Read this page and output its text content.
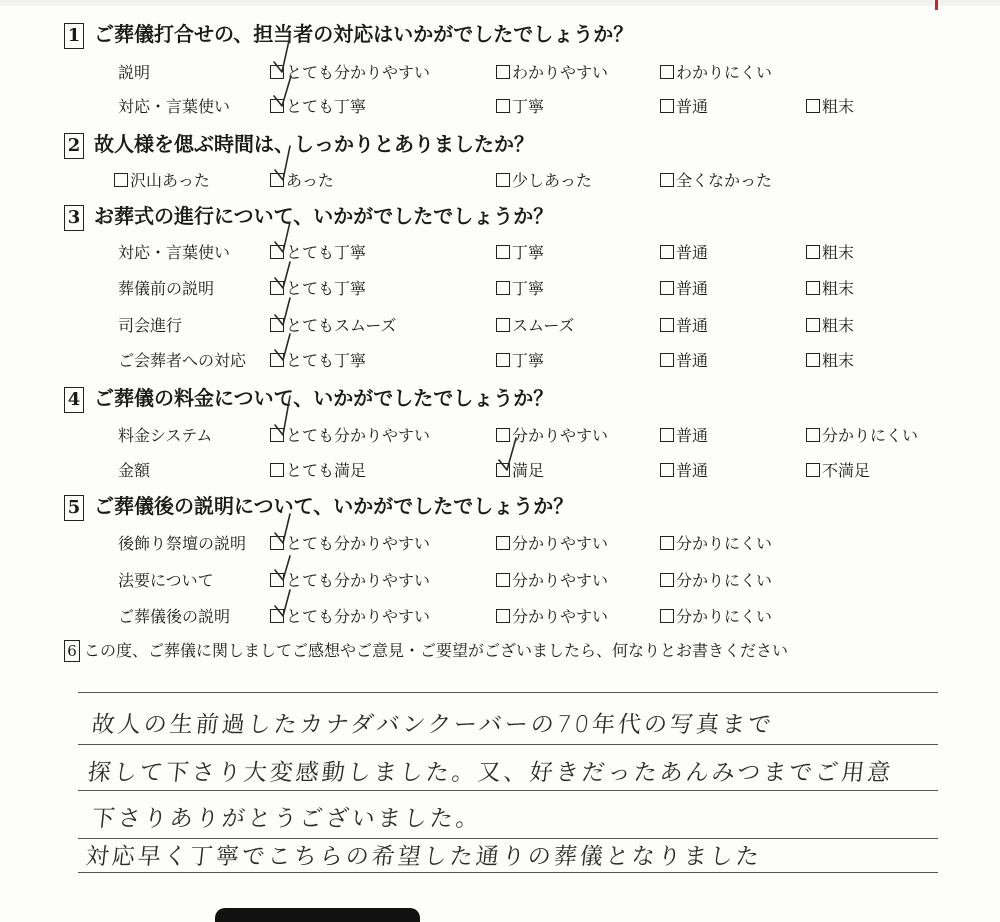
1 ご葬儀打合せの、担当者の対応はいかがでしたでしょうか？
説明	とても分かりやすい	わかりやすい	わかりにくい
対応・言葉使い	とても丁寧	丁寧	普通	粗末
2 故人様を偲ぶ時間は、しっかりとありましたか？
沢山あった	あった	少しあった	全くなかった
3 お葬式の進行について、いかがでしたでしょうか？
対応・言葉使い	とても丁寧	丁寧	普通	粗末
葬儀前の説明	とても丁寧	丁寧	普通	粗末
司会進行	とてもスムーズ	スムーズ	普通	粗末
ご会葬者への対応	とても丁寧	丁寧	普通	粗末
4 ご葬儀の料金について、いかがでしたでしょうか？
料金システム	とても分かりやすい	分かりやすい	普通	分かりにくい
金額	とても満足	満足	普通	不満足
5 ご葬儀後の説明について、いかがでしたでしょうか？
後飾り祭壇の説明	とても分かりやすい	分かりやすい	分かりにくい
法要について	とても分かりやすい	分かりやすい	分かりにくい
ご葬儀後の説明	とても分かりやすい	分かりやすい	分かりにくい
6 この度、ご葬儀に関しましてご感想やご意見・ご要望がございましたら、何なりとお書きください
故人の生前過したカナダバンクーバーの70年代の写真まで
探して下さり大変感動しました。又、好きだったあんみつまでご用意
下さりありがとうございました。
対応早く丁寧でこちらの希望した通りの葬儀となりました
